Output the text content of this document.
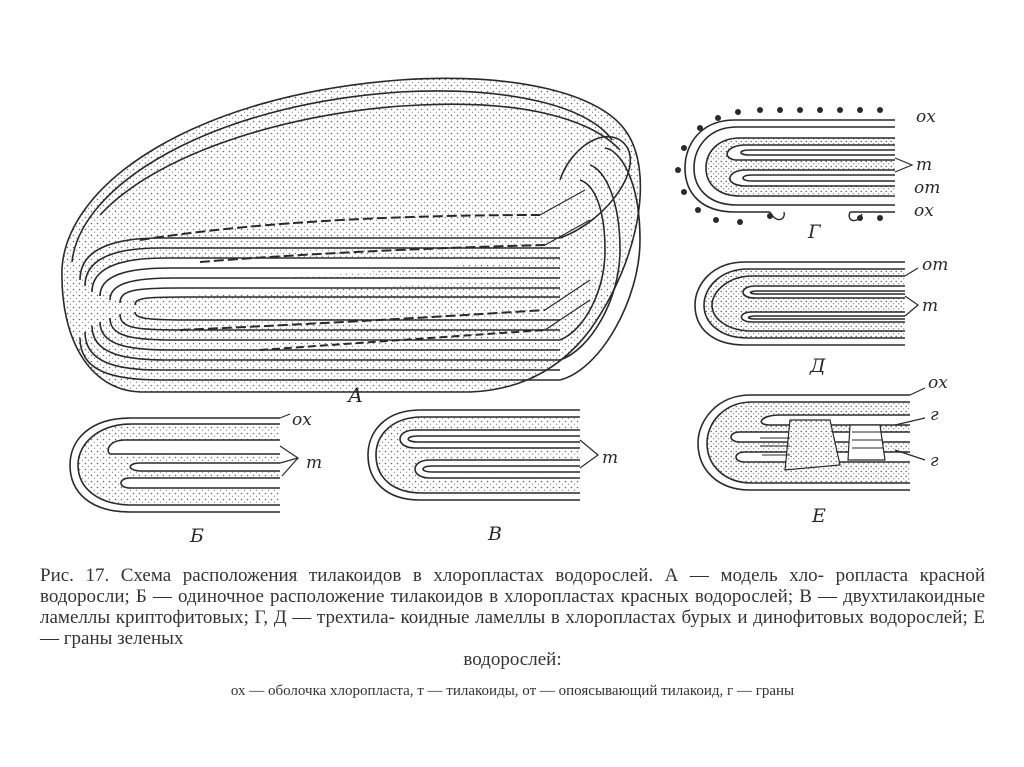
А
ох
т
Б
т
В
ох
т
от
ох
Г
от
т
Д
ох
г
г
Е
Рис. 17. Схема расположения тилакоидов в хлоропластах водорослей. А — модель хло- ропласта красной водоросли; Б — одиночное расположение тилакоидов в хлоропластах красных водорослей; В — двухтилакоидные ламеллы криптофитовых; Г, Д — трехтила- коидные ламеллы в хлоропластах бурых и динофитовых водорослей; Е — граны зеленых
водорослей:
ох — оболочка хлоропласта, т — тилакоиды, от — опоясывающий тилакоид, г — граны
